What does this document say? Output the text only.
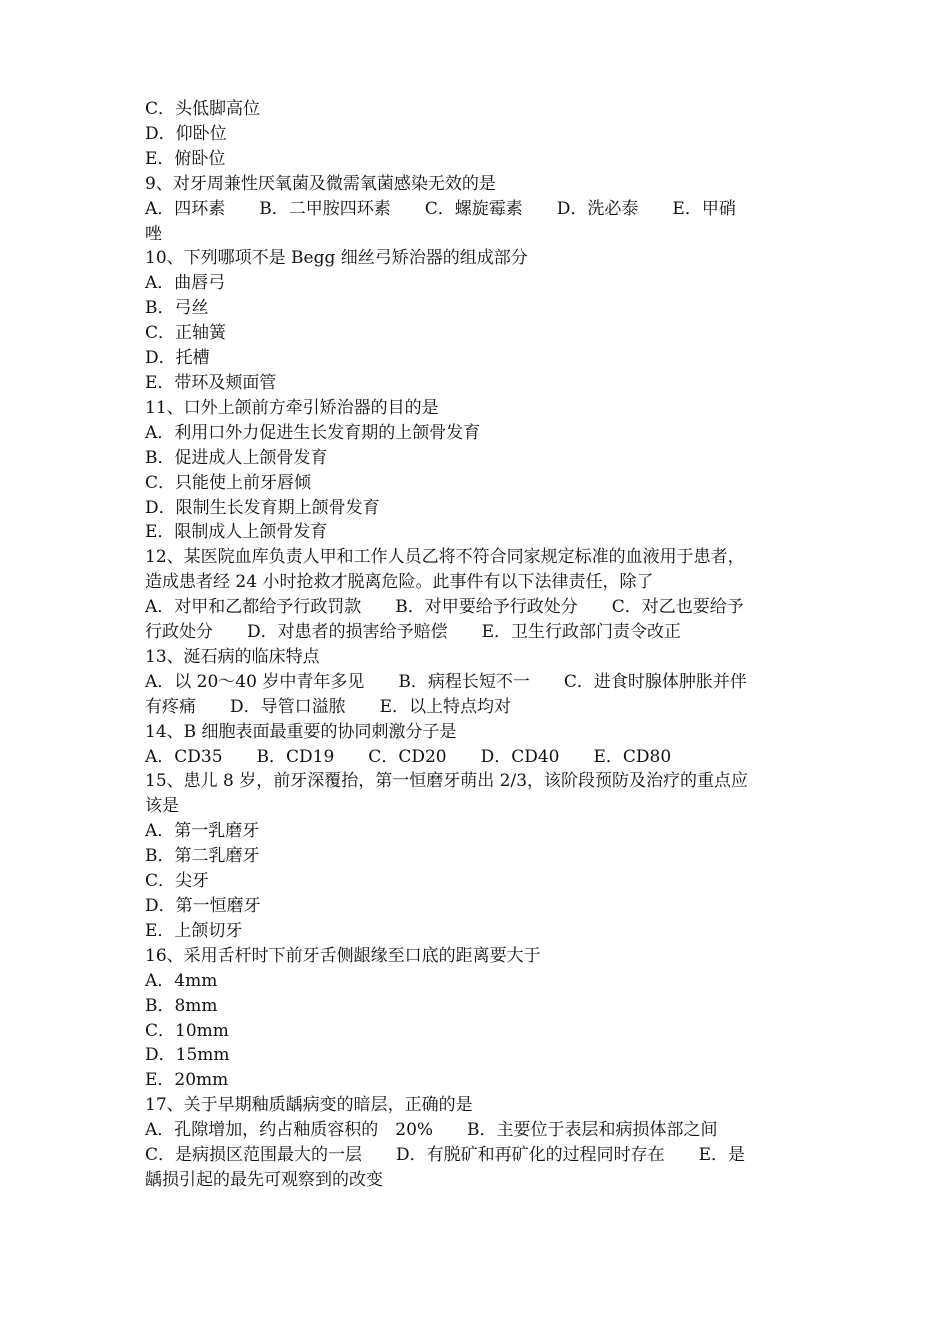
C．头低脚高位
D．仰卧位
E．俯卧位
9、对牙周兼性厌氧菌及微需氧菌感染无效的是
A．四环素　　B．二甲胺四环素　　C．螺旋霉素　　D．洗必泰　　E．甲硝
唑
10、下列哪项不是 Begg 细丝弓矫治器的组成部分
A．曲唇弓
B．弓丝
C．正轴簧
D．托槽
E．带环及颊面管
11、口外上颌前方牵引矫治器的目的是
A．利用口外力促进生长发育期的上颌骨发育
B．促进成人上颌骨发育
C．只能使上前牙唇倾
D．限制生长发育期上颌骨发育
E．限制成人上颌骨发育
12、某医院血库负责人甲和工作人员乙将不符合同家规定标准的血液用于患者，
造成患者经 24 小时抢救才脱离危险。此事件有以下法律责任，除了
A．对甲和乙都给予行政罚款　　B．对甲要给予行政处分　　C．对乙也要给予
行政处分　　D．对患者的损害给予赔偿　　E．卫生行政部门责令改正
13、涎石病的临床特点
A．以 20～40 岁中青年多见　　B．病程长短不一　　C．进食时腺体肿胀并伴
有疼痛　　D．导管口溢脓　　E．以上特点均对
14、B 细胞表面最重要的协同刺激分子是
A．CD35　　B．CD19　　C．CD20　　D．CD40　　E．CD80
15、患儿 8 岁，前牙深覆抬，第一恒磨牙萌出 2/3，该阶段预防及治疗的重点应
该是
A．第一乳磨牙
B．第二乳磨牙
C．尖牙
D．第一恒磨牙
E．上颌切牙
16、采用舌杆时下前牙舌侧龈缘至口底的距离要大于
A．4mm
B．8mm
C．10mm
D．15mm
E．20mm
17、关于早期釉质龋病变的暗层，正确的是
A．孔隙增加，约占釉质容积的　20%　　B．主要位于表层和病损体部之间
C．是病损区范围最大的一层　　D．有脱矿和再矿化的过程同时存在　　E．是
龋损引起的最先可观察到的改变
